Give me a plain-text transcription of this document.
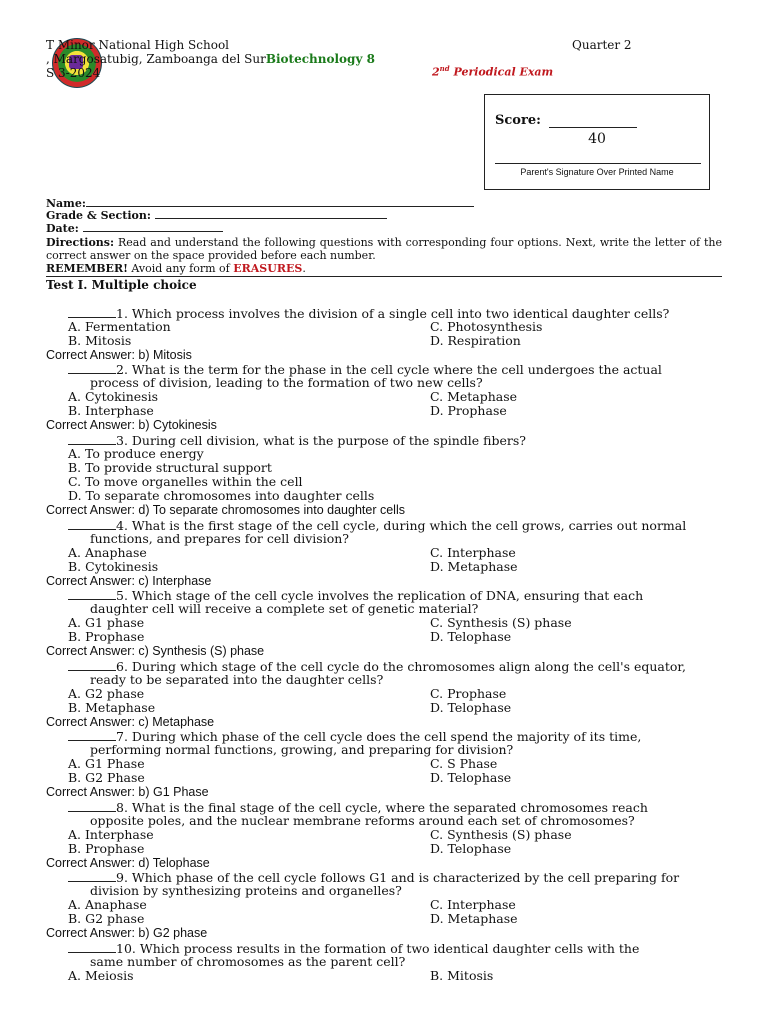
T Minor National High School
, Margosatubig, Zamboanga del SurBiotechnology 8
S 3-2024
Quarter 2
2nd Periodical Exam
Score:
40
Parent's Signature Over Printed Name
Name:
Grade & Section:
Date:
Directions: Read and understand the following questions with corresponding four options. Next, write the letter of the correct answer on the space provided before each number.
REMEMBER! Avoid any form of ERASURES.
Test I. Multiple choice
1. Which process involves the division of a single cell into two identical daughter cells?
A. Fermentation	C. Photosynthesis
B. Mitosis	D. Respiration
Correct Answer: b) Mitosis
2. What is the term for the phase in the cell cycle where the cell undergoes the actual
process of division, leading to the formation of two new cells?
A. Cytokinesis	C. Metaphase
B. Interphase	D. Prophase
Correct Answer: b) Cytokinesis
3. During cell division, what is the purpose of the spindle fibers?
A. To produce energy
B. To provide structural support
C. To move organelles within the cell
D. To separate chromosomes into daughter cells
Correct Answer: d) To separate chromosomes into daughter cells
4. What is the first stage of the cell cycle, during which the cell grows, carries out normal
functions, and prepares for cell division?
A. Anaphase	C. Interphase
B. Cytokinesis	D. Metaphase
Correct Answer: c) Interphase
5. Which stage of the cell cycle involves the replication of DNA, ensuring that each
daughter cell will receive a complete set of genetic material?
A. G1 phase	C. Synthesis (S) phase
B. Prophase	D. Telophase
Correct Answer: c) Synthesis (S) phase
6. During which stage of the cell cycle do the chromosomes align along the cell's equator,
ready to be separated into the daughter cells?
A. G2 phase	C. Prophase
B. Metaphase	D. Telophase
Correct Answer: c) Metaphase
7. During which phase of the cell cycle does the cell spend the majority of its time,
performing normal functions, growing, and preparing for division?
A. G1 Phase	C. S Phase
B. G2 Phase	D. Telophase
Correct Answer: b) G1 Phase
8. What is the final stage of the cell cycle, where the separated chromosomes reach
opposite poles, and the nuclear membrane reforms around each set of chromosomes?
A. Interphase	C. Synthesis (S) phase
B. Prophase	D. Telophase
Correct Answer: d) Telophase
9. Which phase of the cell cycle follows G1 and is characterized by the cell preparing for
division by synthesizing proteins and organelles?
A. Anaphase	C. Interphase
B. G2 phase	D. Metaphase
Correct Answer: b) G2 phase
10. Which process results in the formation of two identical daughter cells with the
same number of chromosomes as the parent cell?
A. Meiosis	B. Mitosis
